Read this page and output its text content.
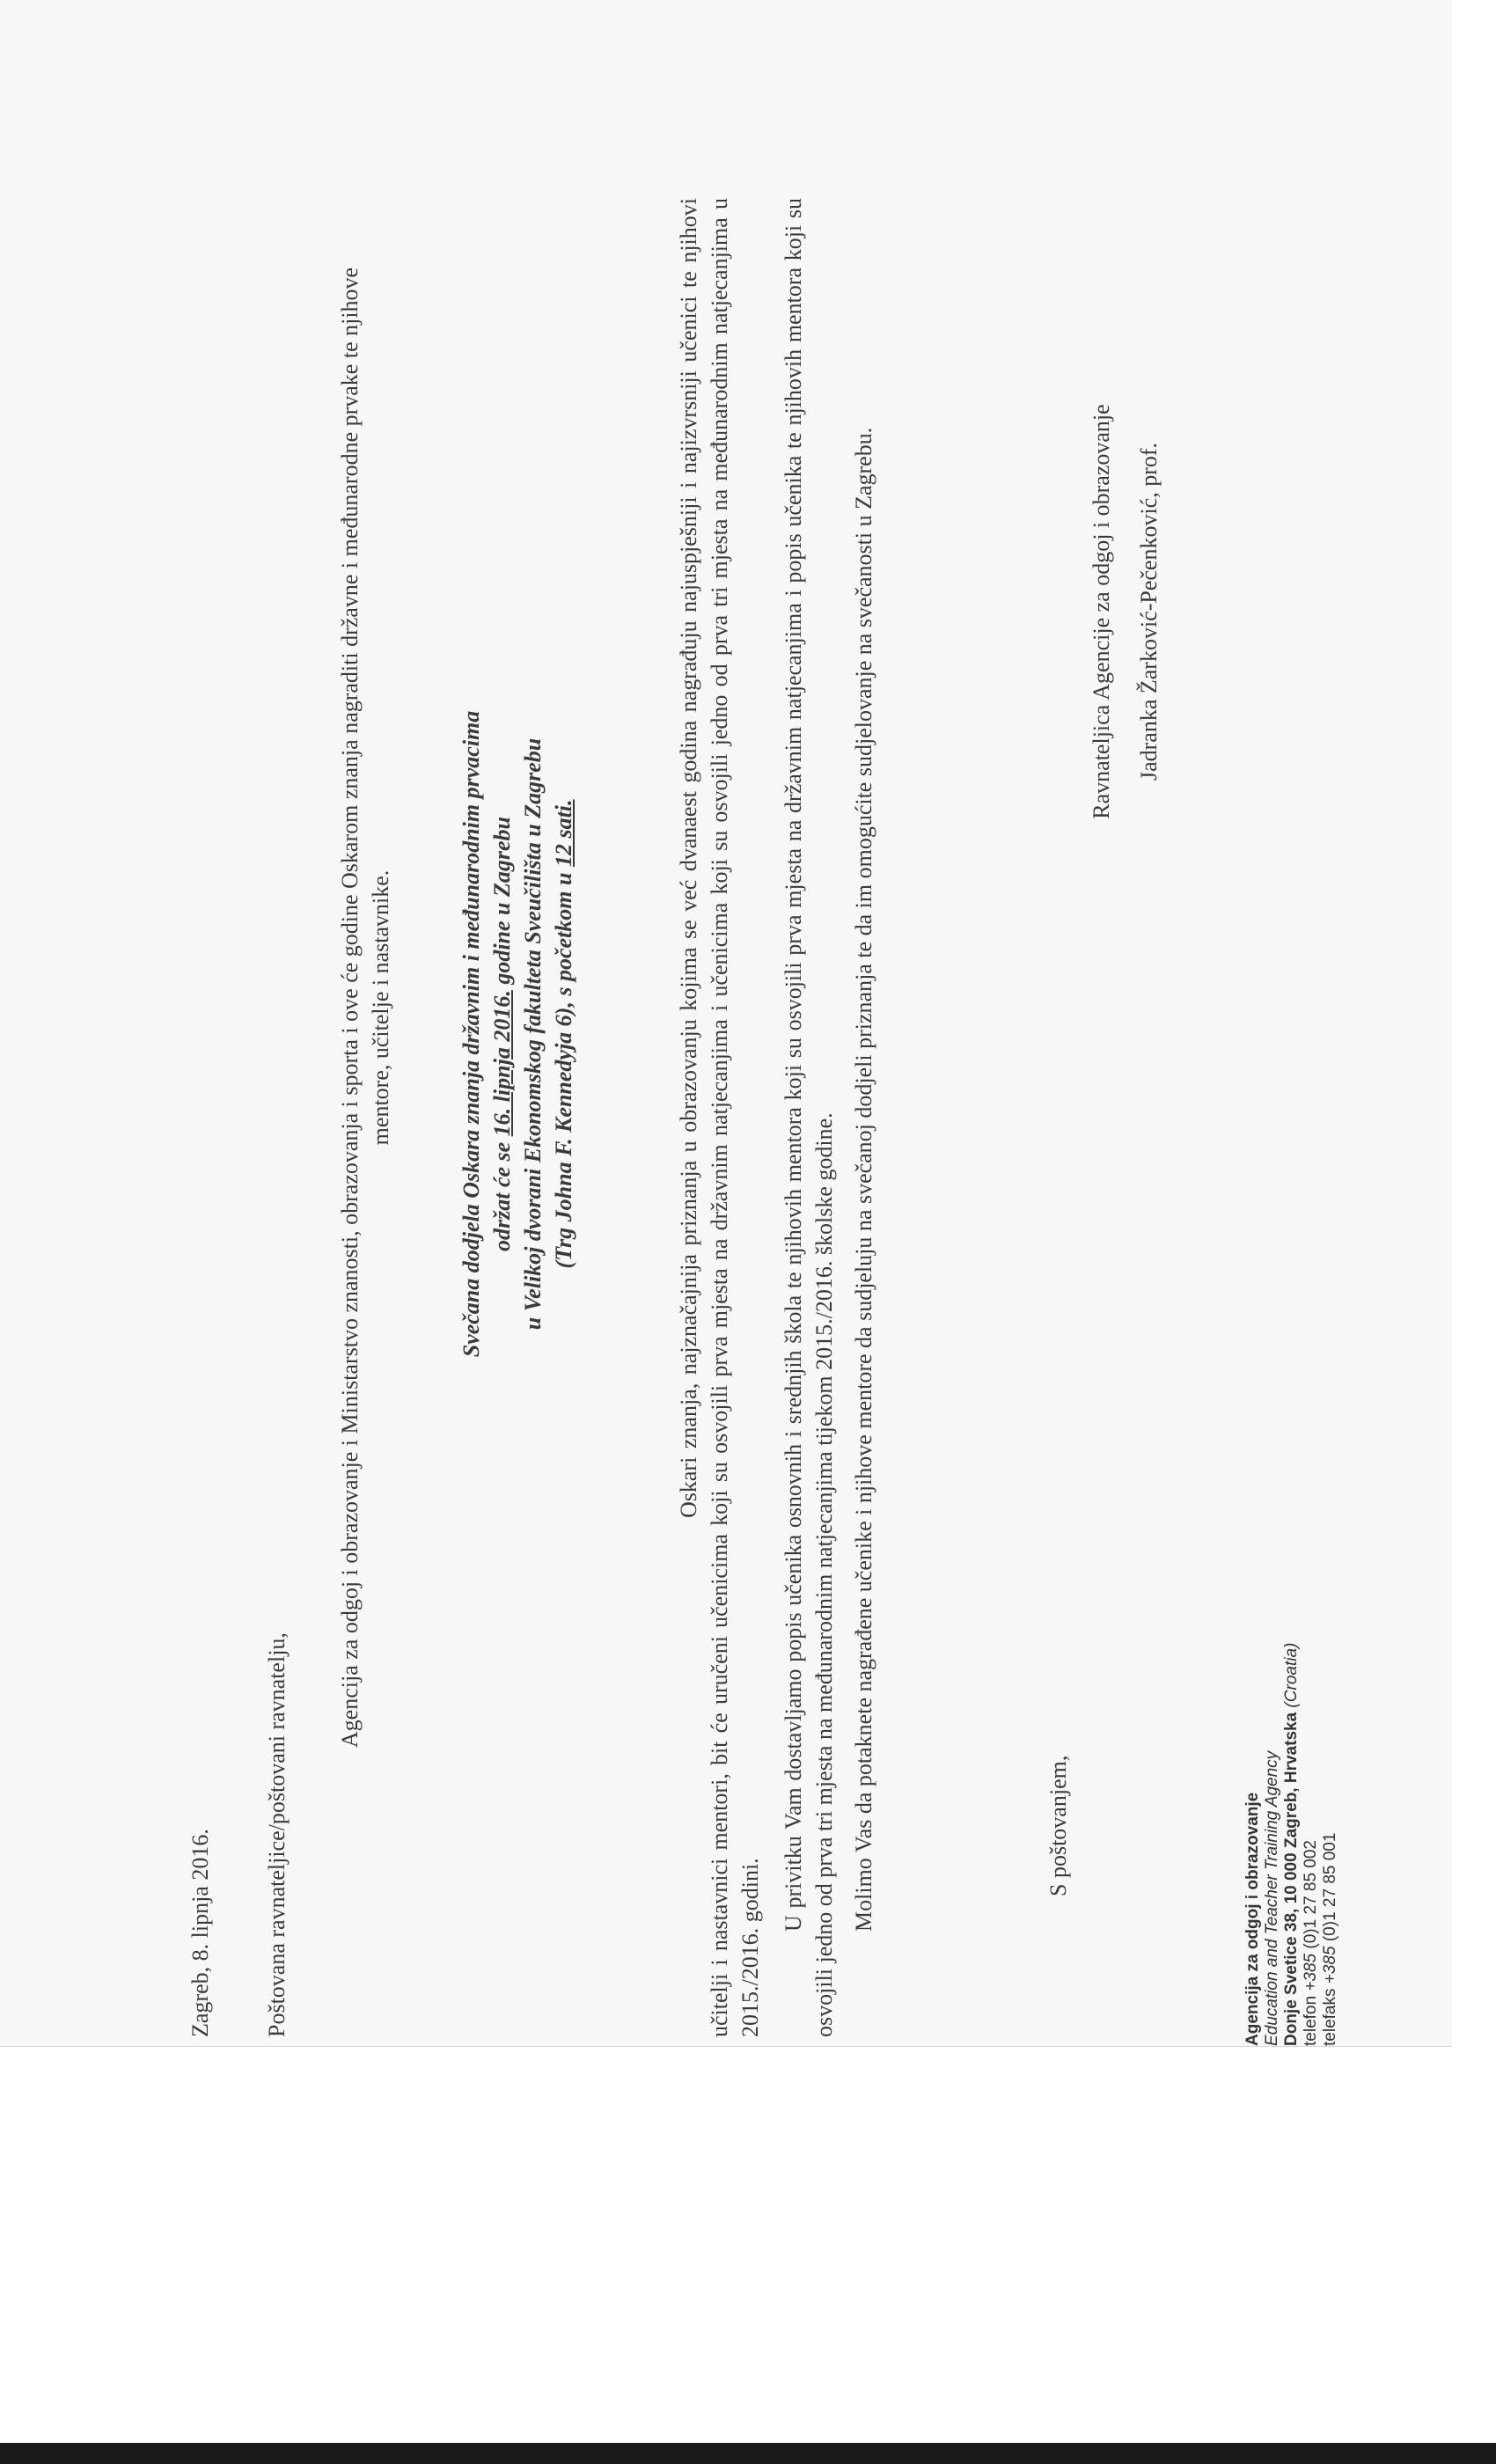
Zagreb, 8. lipnja 2016. Poštovana ravnateljice/poštovani ravnatelju,

Agencija za odgoj i obrazovanje i Ministarstvo znanosti, obrazovanja i sporta i ove će godine Oskarom znanja nagraditi državne i međunarodne prvake te njihove mentore, učitelje i nastavnike.	Svečana dodjela Oskara znanja državnim i međunarodnim prvacima održat će se 16. lipnja 2016. godine u Zagrebu u Velikoj dvorani Ekonomskog fakulteta Sveučilišta u Zagrebu (Trg Johna F. Kennedyja 6), s početkom u 12 sati.	Oskari znanja, najznačajnija priznanja u obrazovanju kojima se već dvanaest godina nagrađuju najuspješniji i najizvrsniji učenici te njihovi učitelji i nastavnici mentori, bit će uručeni učenicima koji su osvojili prva mjesta na državnim natjecanjima i učenicima koji su osvojili jedno od prva tri mjesta na međunarodnim natjecanjima u 2015./2016. godini.

U privitku Vam dostavljamo popis učenika osnovnih i srednjih škola te njihovih mentora koji su osvojili prva mjesta na državnim natjecanjima i popis učenika te njihovih mentora koji su osvojili jedno od prva tri mjesta na međunarodnim natjecanjima tijekom 2015./2016. školske godine. Molimo Vas da potaknete nagrađene učenike i njihove mentore da sudjeluju na svečanoj dodjeli priznanja te da im omogućite sudjelovanje na svečanosti u Zagrebu.	S poštovanjem,
Ravnateljica Agencije za odgoj i obrazovanje Jadranka Žarković-Pečenković, prof.
Agencija za odgoj i obrazovanje Education and Teacher Training Agency Donje Svetice 38, 10 000 Zagreb, Hrvatska (Croatia)
telefon +385 (0)1 27 85 002
telefaks +385 (0)1 27 85 001
